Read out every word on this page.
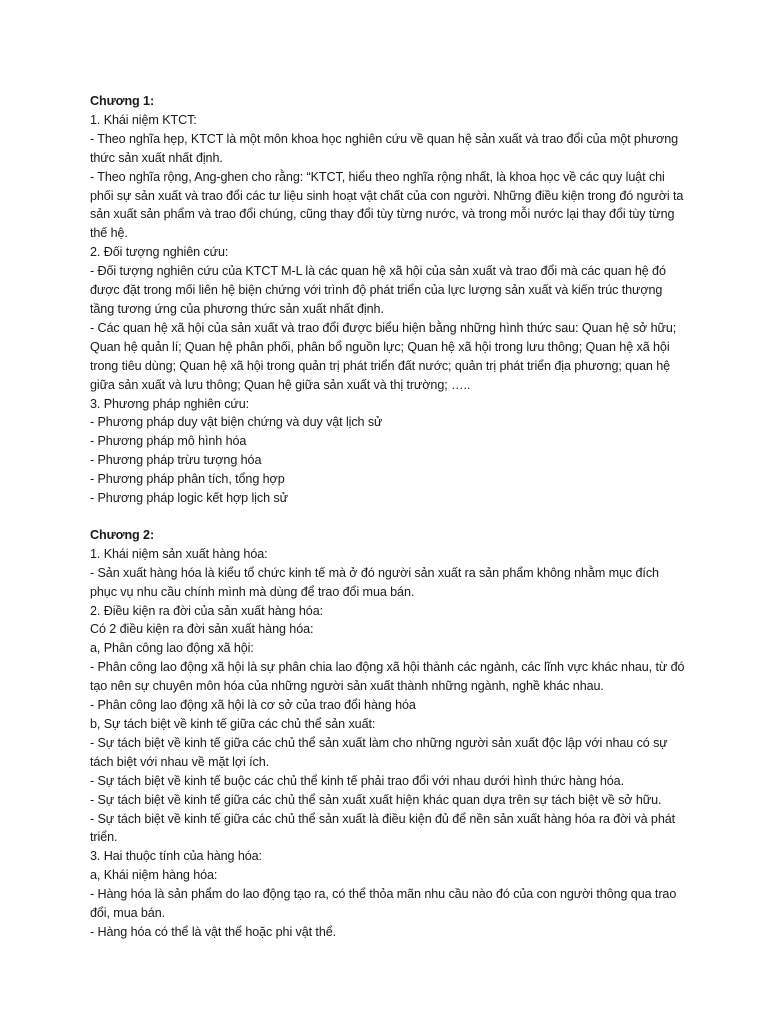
Chương 1:
1. Khái niệm KTCT:
- Theo nghĩa hẹp, KTCT là một môn khoa học nghiên cứu về quan hệ sản xuất và trao đổi của một phương thức sản xuất nhất định.
- Theo nghĩa rộng, Ang-ghen cho rằng: “KTCT, hiểu theo nghĩa rộng nhất, là khoa học về các quy luật chi phối sự sản xuất và trao đổi các tư liệu sinh hoạt vật chất của con người. Những điều kiện trong đó người ta sản xuất sản phẩm và trao đổi chúng, cũng thay đổi tùy từng nước, và trong mỗi nước lại thay đổi tùy từng thế hệ.
2. Đối tượng nghiên cứu:
- Đối tượng nghiên cứu của KTCT M-L là các quan hệ xã hội của sản xuất và trao đổi mà các quan hệ đó được đặt trong mối liên hệ biện chứng với trình độ phát triển của lực lượng sản xuất và kiến trúc thượng tầng tương ứng của phương thức sản xuất nhất định.
- Các quan hệ xã hội của sản xuất và trao đổi được biểu hiện bằng những hình thức sau: Quan hệ sở hữu; Quan hệ quản lí; Quan hệ phân phối, phân bổ nguồn lực; Quan hệ xã hội trong lưu thông; Quan hệ xã hội trong tiêu dùng; Quan hệ xã hội trong quản trị phát triển đất nước; quản trị phát triển địa phương; quan hệ giữa sản xuất và lưu thông; Quan hệ giữa sản xuất và thị trường; …..
3. Phương pháp nghiên cứu:
- Phương pháp duy vật biện chứng và duy vật lịch sử
- Phương pháp mô hình hóa
- Phương pháp trừu tượng hóa
- Phương pháp phân tích, tổng hợp
- Phương pháp logic kết hợp lịch sử
Chương 2:
1. Khái niệm sản xuất hàng hóa:
- Sản xuất hàng hóa là kiểu tổ chức kinh tế mà ở đó người sản xuất ra sản phẩm không nhằm mục đích phục vụ nhu cầu chính mình mà dùng để trao đổi mua bán.
2. Điều kiện ra đời của sản xuất hàng hóa:
Có 2 điều kiện ra đời sản xuất hàng hóa:
a, Phân công lao động xã hội:
- Phân công lao động xã hội là sự phân chia lao động xã hội thành các ngành, các lĩnh vực khác nhau, từ đó tạo nên sự chuyên môn hóa của những người sản xuất thành những ngành, nghề khác nhau.
- Phân công lao động xã hội là cơ sở của trao đổi hàng hóa
b, Sự tách biệt về kinh tế giữa các chủ thể sản xuất:
- Sự tách biệt về kinh tế giữa các chủ thể sản xuất làm cho những người sản xuất độc lập với nhau có sự tách biệt với nhau về mặt lợi ích.
- Sự tách biệt về kinh tế buộc các chủ thể kinh tế phải trao đổi với nhau dưới hình thức hàng hóa.
- Sự tách biệt về kinh tế giữa các chủ thể sản xuất xuất hiện khác quan dựa trên sự tách biệt về sở hữu.
- Sự tách biệt về kinh tế giữa các chủ thể sản xuất là điều kiện đủ để nền sản xuất hàng hóa ra đời và phát triển.
3. Hai thuộc tính của hàng hóa:
a, Khái niệm hàng hóa:
- Hàng hóa là sản phẩm do lao động tạo ra, có thể thỏa mãn nhu cầu nào đó của con người thông qua trao đổi, mua bán.
- Hàng hóa có thể là vật thể hoặc phi vật thể.
